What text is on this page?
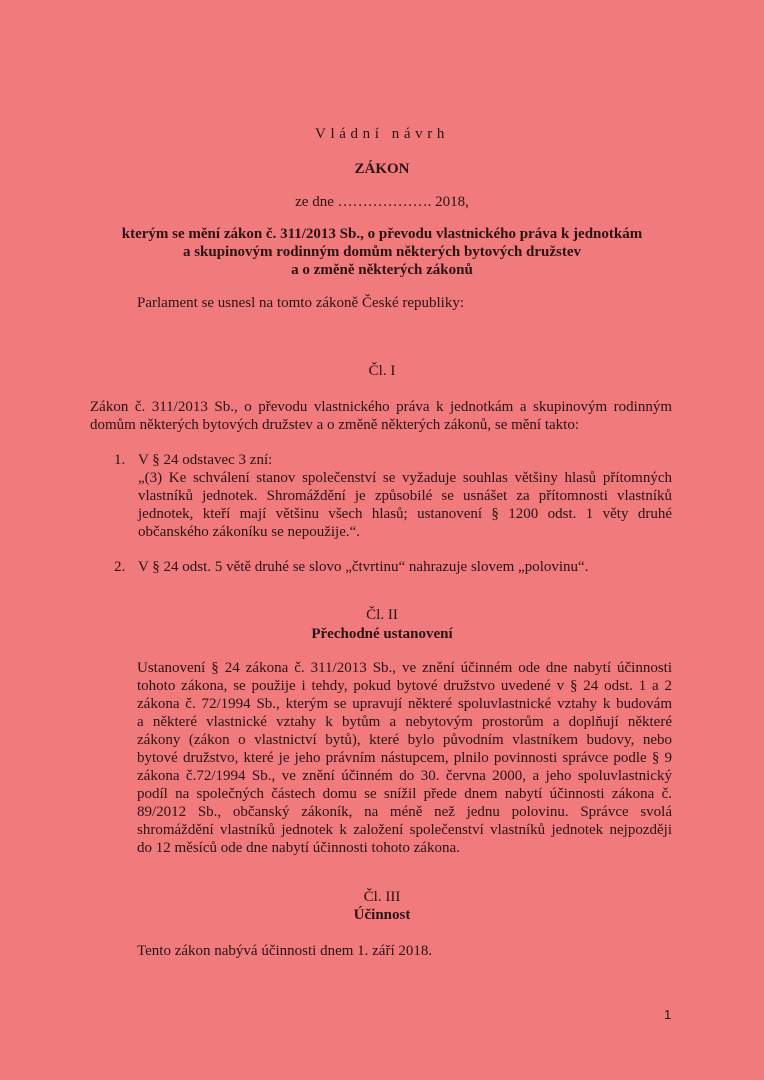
Vládní návrh
ZÁKON
ze dne ………………. 2018,
kterým se mění zákon č. 311/2013 Sb., o převodu vlastnického práva k jednotkám
a skupinovým rodinným domům některých bytových družstev
a o změně některých zákonů
Parlament se usnesl na tomto zákoně České republiky:
Čl. I
Zákon č. 311/2013 Sb., o převodu vlastnického práva k jednotkám a skupinovým rodinným
domům některých bytových družstev a o změně některých zákonů, se mění takto:
1. V § 24 odstavec 3 zní:
„(3) Ke schválení stanov společenství se vyžaduje souhlas většiny hlasů přítomných
vlastníků jednotek. Shromáždění je způsobilé se usnášet za přítomnosti vlastníků
jednotek, kteří mají většinu všech hlasů; ustanovení § 1200 odst. 1 věty druhé
občanského zákoníku se nepoužije.“.
2. V § 24 odst. 5 větě druhé se slovo „čtvrtinu“ nahrazuje slovem „polovinu“.
Čl. II
Přechodné ustanovení
Ustanovení § 24 zákona č. 311/2013 Sb., ve znění účinném ode dne nabytí účinnosti
tohoto zákona, se použije i tehdy, pokud bytové družstvo uvedené v § 24 odst. 1 a 2
zákona č. 72/1994 Sb., kterým se upravují některé spoluvlastnické vztahy k budovám
a některé vlastnické vztahy k bytům a nebytovým prostorům a doplňují některé
zákony (zákon o vlastnictví bytů), které bylo původním vlastníkem budovy, nebo
bytové družstvo, které je jeho právním nástupcem, plnilo povinnosti správce podle § 9
zákona č.72/1994 Sb., ve znění účinném do 30. června 2000, a jeho spoluvlastnický
podíl na společných částech domu se snížil přede dnem nabytí účinnosti zákona č.
89/2012 Sb., občanský zákoník, na méně než jednu polovinu. Správce svolá
shromáždění vlastníků jednotek k založení společenství vlastníků jednotek nejpozději
do 12 měsíců ode dne nabytí účinnosti tohoto zákona.
Čl. III
Účinnost
Tento zákon nabývá účinnosti dnem 1. září 2018.
1
